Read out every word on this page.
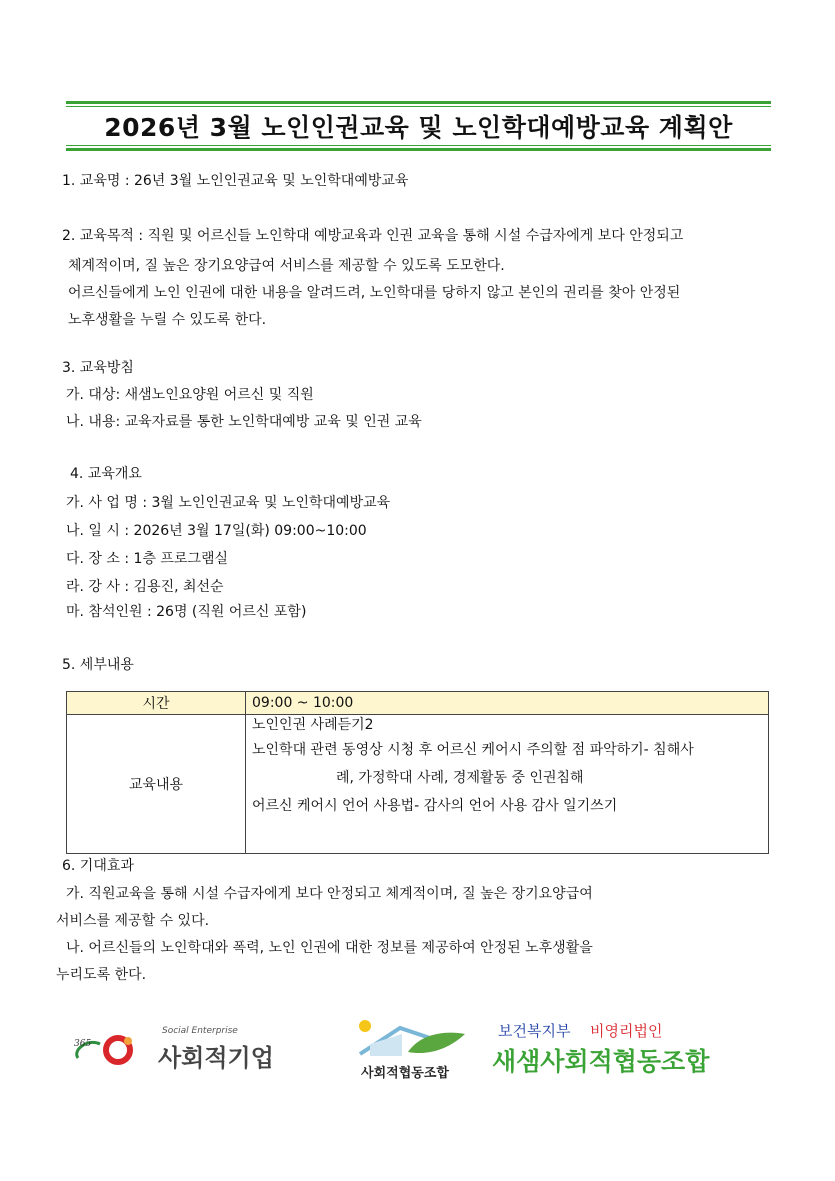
2026년 3월 노인인권교육 및 노인학대예방교육 계획안
1. 교육명 : 26년 3월 노인인권교육 및 노인학대예방교육
2. 교육목적 : 직원 및 어르신들 노인학대 예방교육과 인권 교육을 통해 시설 수급자에게 보다 안정되고
체계적이며, 질 높은 장기요양급여 서비스를 제공할 수 있도록 도모한다.
어르신들에게 노인 인권에 대한 내용을 알려드려, 노인학대를 당하지 않고 본인의 권리를 찾아 안정된
노후생활을 누릴 수 있도록 한다.
3. 교육방침
가. 대상: 새샘노인요양원 어르신 및 직원
나. 내용: 교육자료를 통한 노인학대예방 교육 및 인권 교육
4. 교육개요
가. 사 업 명 : 3월 노인인권교육 및 노인학대예방교육
나. 일 시 : 2026년 3월 17일(화) 09:00~10:00
다. 장 소 : 1층 프로그램실
라. 강 사 : 김용진, 최선순
마. 참석인원 : 26명 (직원 어르신 포함)
5. 세부내용
시간	09:00 ~ 10:00
교육내용	노인인권 사례듣기2
노인학대 관련 동영상 시청 후 어르신 케어시 주의할 점 파악하기- 침해사
례, 가정학대 사례, 경제활동 중 인권침해
어르신 케어시 언어 사용법- 감사의 언어 사용 감사 일기쓰기
6. 기대효과
가. 직원교육을 통해 시설 수급자에게 보다 안정되고 체계적이며, 질 높은 장기요양급여
서비스를 제공할 수 있다.
나. 어르신들의 노인학대와 폭력, 노인 인권에 대한 정보를 제공하여 안정된 노후생활을
누리도록 한다.
365
Social Enterprise
사회적기업
사회적협동조합
보건복지부 비영리법인
새샘사회적협동조합
